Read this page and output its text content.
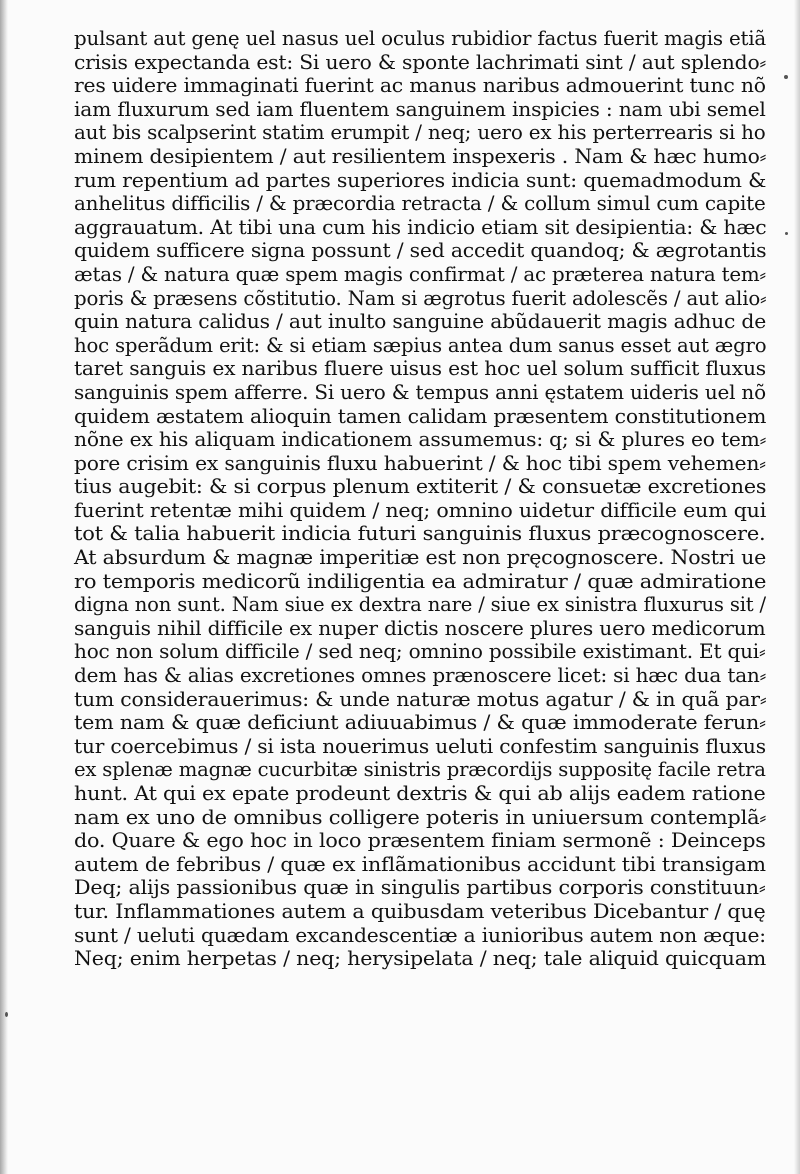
pulsant aut genę uel nasus uel oculus rubidior factus fuerit magis etiã
crisis expectanda est: Si uero & sponte lachrimati sint / aut splendo⸗
res uidere immaginati fuerint ac manus naribus admouerint tunc nõ
iam fluxurum sed iam fluentem sanguinem inspicies : nam ubi semel
aut bis scalpserint statim erumpit / neq; uero ex his perterrearis si ho
minem desipientem / aut resilientem inspexeris . Nam & hæc humo⸗
rum repentium ad partes superiores indicia sunt: quemadmodum &
anhelitus difficilis / & præcordia retracta / & collum simul cum capite
aggrauatum. At tibi una cum his indicio etiam sit desipientia: & hæc
quidem sufficere signa possunt / sed accedit quandoq; & ægrotantis
ætas / & natura quæ spem magis confirmat / ac præterea natura tem⸗
poris & præsens cõstitutio. Nam si ægrotus fuerit adolescẽs / aut alio⸗
quin natura calidus / aut inulto sanguine abũdauerit magis adhuc de
hoc sperãdum erit: & si etiam sæpius antea dum sanus esset aut ægro
taret sanguis ex naribus fluere uisus est hoc uel solum sufficit fluxus
sanguinis spem afferre. Si uero & tempus anni ęstatem uideris uel nõ
quidem æstatem alioquin tamen calidam præsentem constitutionem
nõne ex his aliquam indicationem assumemus: q; si & plures eo tem⸗
pore crisim ex sanguinis fluxu habuerint / & hoc tibi spem vehemen⸗
tius augebit: & si corpus plenum extiterit / & consuetæ excretiones
fuerint retentæ mihi quidem / neq; omnino uidetur difficile eum qui
tot & talia habuerit indicia futuri sanguinis fluxus præcognoscere.
At absurdum & magnæ imperitiæ est non pręcognoscere. Nostri ue
ro temporis medicorũ indiligentia ea admiratur / quæ admiratione
digna non sunt. Nam siue ex dextra nare / siue ex sinistra fluxurus sit /
sanguis nihil difficile ex nuper dictis noscere plures uero medicorum
hoc non solum difficile / sed neq; omnino possibile existimant. Et qui⸗
dem has & alias excretiones omnes prænoscere licet: si hæc dua tan⸗
tum considerauerimus: & unde naturæ motus agatur / & in quã par⸗
tem nam & quæ deficiunt adiuuabimus / & quæ immoderate ferun⸗
tur coercebimus / si ista nouerimus ueluti confestim sanguinis fluxus
ex splenæ magnæ cucurbitæ sinistris præcordijs suppositę facile retra
hunt. At qui ex epate prodeunt dextris & qui ab alijs eadem ratione
nam ex uno de omnibus colligere poteris in uniuersum contemplã⸗
do. Quare & ego hoc in loco præsentem finiam sermonẽ : Deinceps
autem de febribus / quæ ex inflãmationibus accidunt tibi transigam
Deq; alijs passionibus quæ in singulis partibus corporis constituun⸗
tur. Inflammationes autem a quibusdam veteribus Dicebantur / quę
sunt / ueluti quædam excandescentiæ a iunioribus autem non æque:
Neq; enim herpetas / neq; herysipelata / neq; tale aliquid quicquam
